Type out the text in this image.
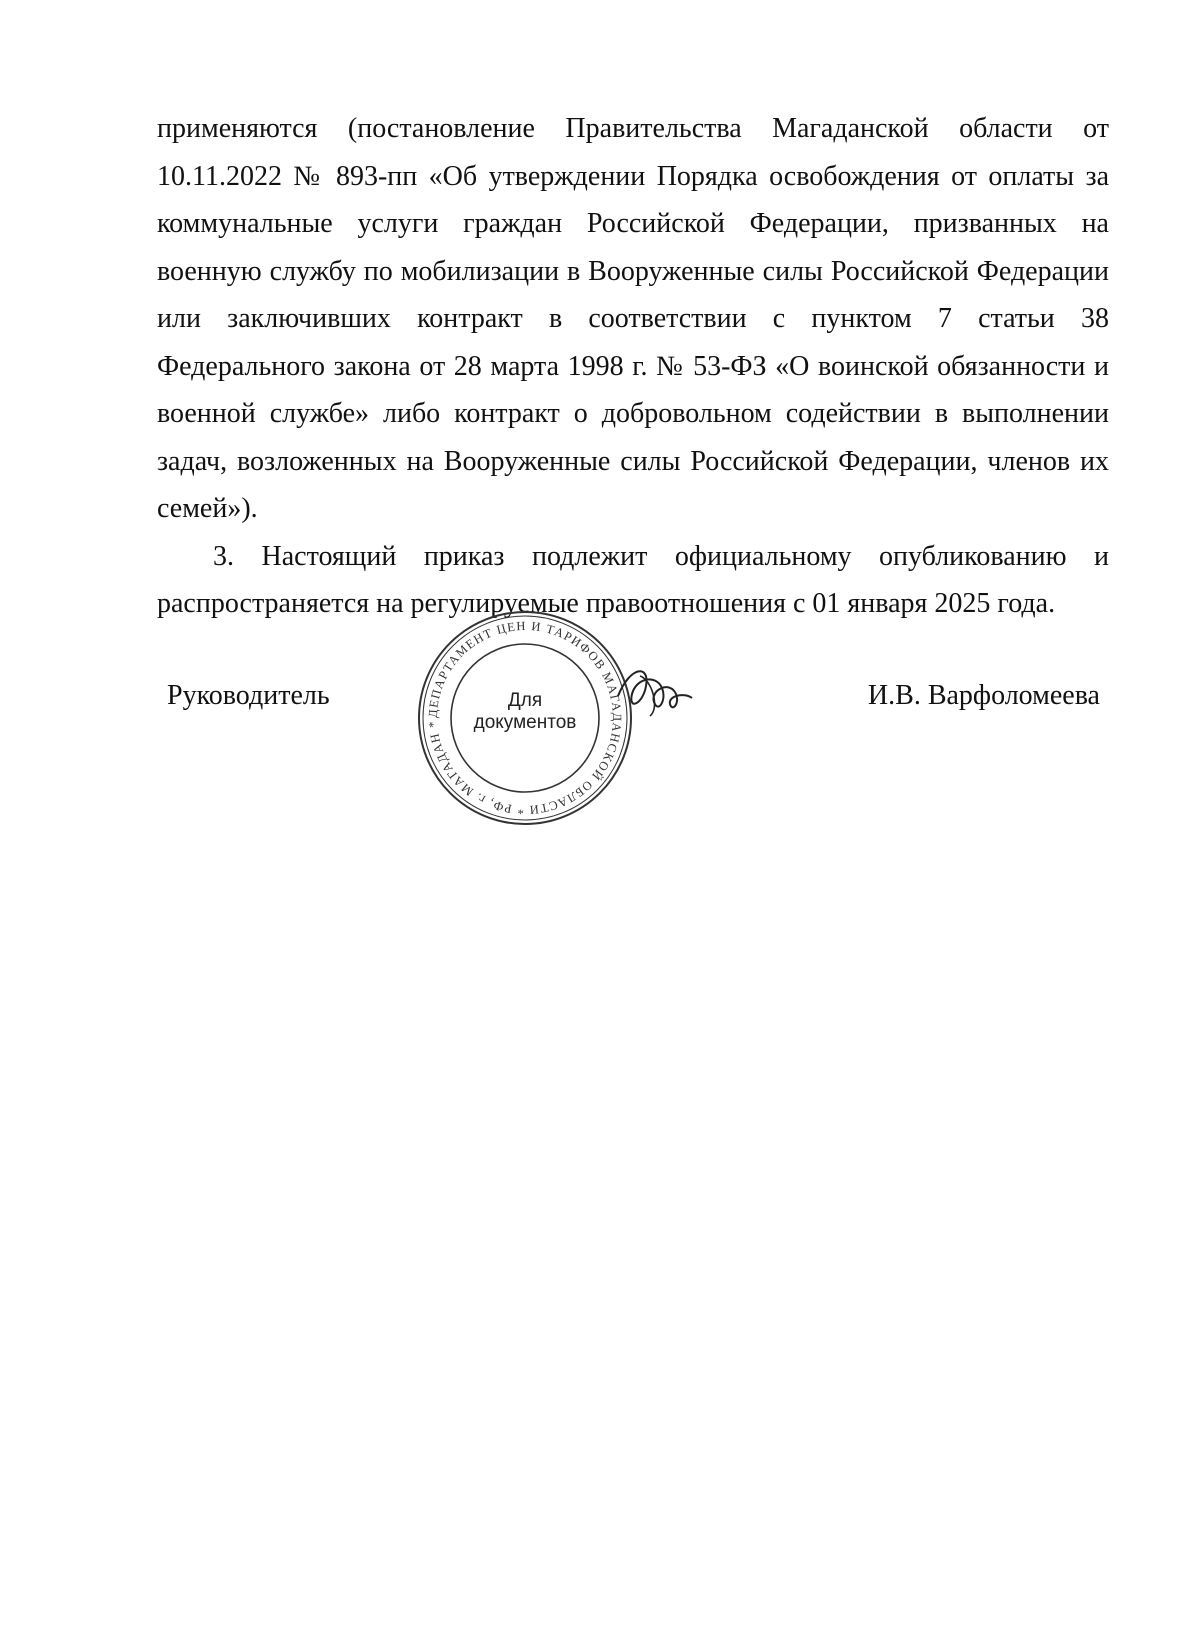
применяются (постановление Правительства Магаданской области от 10.11.2022 № 893-пп «Об утверждении Порядка освобождения от оплаты за коммунальные услуги граждан Российской Федерации, призванных на военную службу по мобилизации в Вооруженные силы Российской Федерации или заключивших контракт в соответствии с пунктом 7 статьи 38 Федерального закона от 28 марта 1998 г. № 53-ФЗ «О воинской обязанности и военной службе» либо контракт о добровольном содействии в выполнении задач, возложенных на Вооруженные силы Российской Федерации, членов их семей»).

3. Настоящий приказ подлежит официальному опубликованию и распространяется на регулируемые правоотношения с 01 января 2025 года.

Руководитель
ДЕПАРТАМЕНТ ЦЕН И ТАРИФОВ МАГАДАНСКОЙ ОБЛАСТИ * РФ, г. МАГАДАН *
Для
документов
И.В. Варфоломеева
